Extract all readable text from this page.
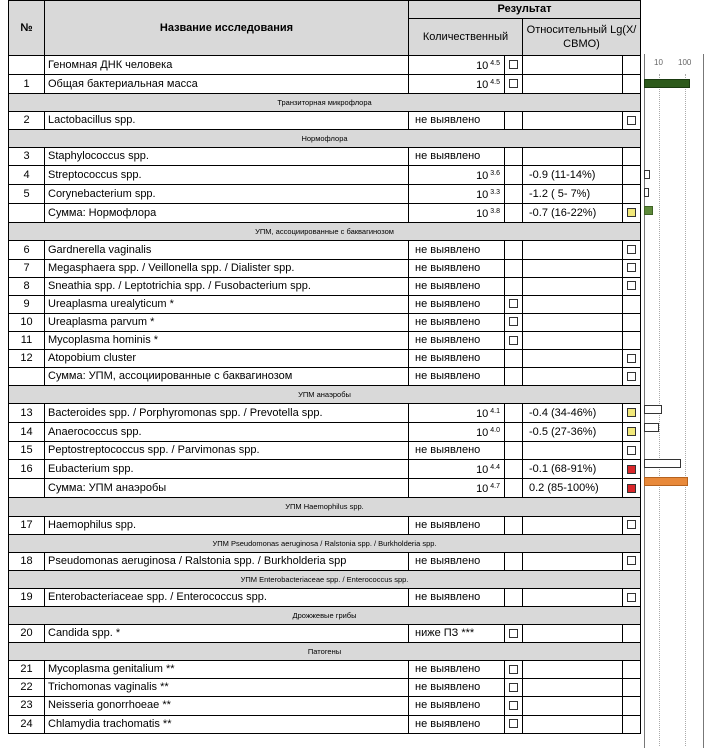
№	Название исследования	Результат			
		Количественный		Относительный Lg(X/СВМО)	
	Геномная ДНК человека	10 $^{4.5}$			
1	Общая бактериальная масса	10 $^{4.5}$			
Транзиторная микрофлора					
2	Lactobacillus spp.	не выявлено			
Нормофлора					
3	Staphylococcus spp.	не выявлено			
4	Streptococcus spp.	10 $^{3.6}$		-0.9 (11-14%)	
5	Corynebacterium spp.	10 $^{3.3}$		-1.2 ( 5- 7%)	
	Сумма: Нормофлора	10 $^{3.8}$		-0.7 (16-22%)	
УПМ, ассоциированные с баквагинозом					
6	Gardnerella vaginalis	не выявлено			
7	Megasphaera spp. / Veillonella spp. / Dialister spp.	не выявлено			
8	Sneathia spp. / Leptotrichia spp. / Fusobacterium spp.	не выявлено			
9	Ureaplasma urealyticum *	не выявлено			
10	Ureaplasma parvum *	не выявлено			
11	Mycoplasma hominis *	не выявлено			
12	Atopobium cluster	не выявлено			
	Сумма: УПМ, ассоциированные с баквагинозом	не выявлено			
УПМ анаэробы					
13	Bacteroides spp. / Porphyromonas spp. / Prevotella spp.	10 $^{4.1}$		-0.4 (34-46%)	
14	Anaerococcus spp.	10 $^{4.0}$		-0.5 (27-36%)	
15	Peptostreptococcus spp. / Parvimonas spp.	не выявлено			
16	Eubacterium spp.	10 $^{4.4}$		-0.1 (68-91%)	
	Сумма: УПМ анаэробы	10 $^{4.7}$		0.2 (85-100%)	
УПМ Haemophilus spp.					
17	Haemophilus spp.	не выявлено			
УПМ Pseudomonas aeruginosa / Ralstonia spp. / Burkholderia spp.					
18	Pseudomonas aeruginosa / Ralstonia spp. / Burkholderia spp	не выявлено			
УПМ Enterobacteriaceae spp. / Enterococcus spp.					
19	Enterobacteriaceae spp. / Enterococcus spp.	не выявлено			
Дрожжевые грибы					
20	Candida spp. *	ниже ПЗ ***			
Патогены					
21	Mycoplasma genitalium **	не выявлено			
22	Trichomonas vaginalis **	не выявлено			
23	Neisseria gonorrhoeae **	не выявлено			
24	Chlamydia trachomatis **	не выявлено			
10 100
